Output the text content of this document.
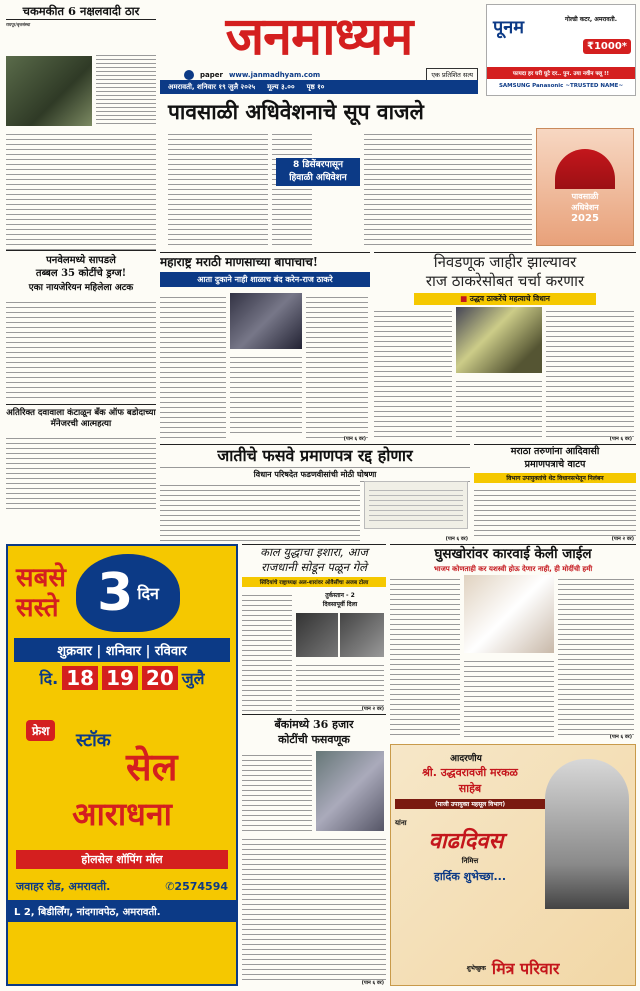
चकमकीत 6 नक्षलवादी ठार
रायपूर/वृत्तसंस्था	जनमाध्यम
paper www.janmadhyam.com	एक प्रतिशित सत्य
पूनम	गोल्डी कटर, अमरावती.
₹1000*
फायदा हर घरी घुटे दर.. पुन. उया नवीन फ्लू !!
SAMSUNG Panasonic ~TRUSTED NAME~
अमरावती, शनिवार १९ जुलै २०२५ मूल्य ३.०० पृष्ठ १०
पावसाळी अधिवेशनाचे सूप वाजले
8 डिसेंबरपासून
हिवाळी अधिवेशन
पावसाळी
अधिवेशन
2025
पनवेलमध्ये सापडले
तब्बल 35 कोटींचे ड्रग्ज!
एका नायजेरियन महिलेला अटक
अतिरिक्त दवावाला कंटाळून बँक ऑफ बडोदाच्या मॅनेजरची आत्महत्या
महाराष्ट्र मराठी माणसाच्या बापाचाच!
आता दुकाने नाही शाळाच बंद करेन-राज ठाकरे
(पान ६ वर)
निवडणूक जाहीर झाल्यावर
राज ठाकरेसोबत चर्चा करणार
■ उद्धव ठाकरेंचे महत्वाचे विधान
(पान ६ वर)
जातीचे फसवे प्रमाणपत्र रद्द होणार
विधान परिषदेत फडणवीसांची मोठी घोषणा
(पान ६ वर)
मराठा तरुणांना आदिवासी
प्रमाणपत्राचे वाटप
विभाग उपायुक्तांचे थेट विधानसभेतून निलंबन
(पान २ वर)
सबसे
सस्ते 3 दिन
शुक्रवार | शनिवार | रविवार
दि. 18 19 20 जुलै
फ्रेश	स्टॉक
सेल
आराधना
होलसेल शॉपिंग मॉल
जवाहर रोड, अमरावती.	✆2574594
L 2, बिडीर्लिंग, नांदगावपेठ, अमरावती.
काल युद्धाचा इशारा, आज
राजधानी सोडून पळून गेले
सिंदियांचे राष्ट्राध्यक्ष अल-शारांवर ओवैसींचा अजब टोला
तुर्कस्तान - 2
दिवसापूर्वी दिला
(पान २ वर)
घुसखोरांवर कारवाई केली जाईल
भाजप कोणताही कर यशस्वी होऊ देणार नाही, ही मोदींची हमी
(पान ६ वर)
बँकांमध्ये 36 हजार
कोटींची फसवणूक
(पान ६ वर)
आदरणीय
श्री. उद्धवरावजी मरकळ
साहेब
(माजी उपायुक्त महसूल विभाग)
यांना
वाढदिवस
निमित्त
हार्दिक शुभेच्छा...
शुभेच्छुक मित्र परिवार
